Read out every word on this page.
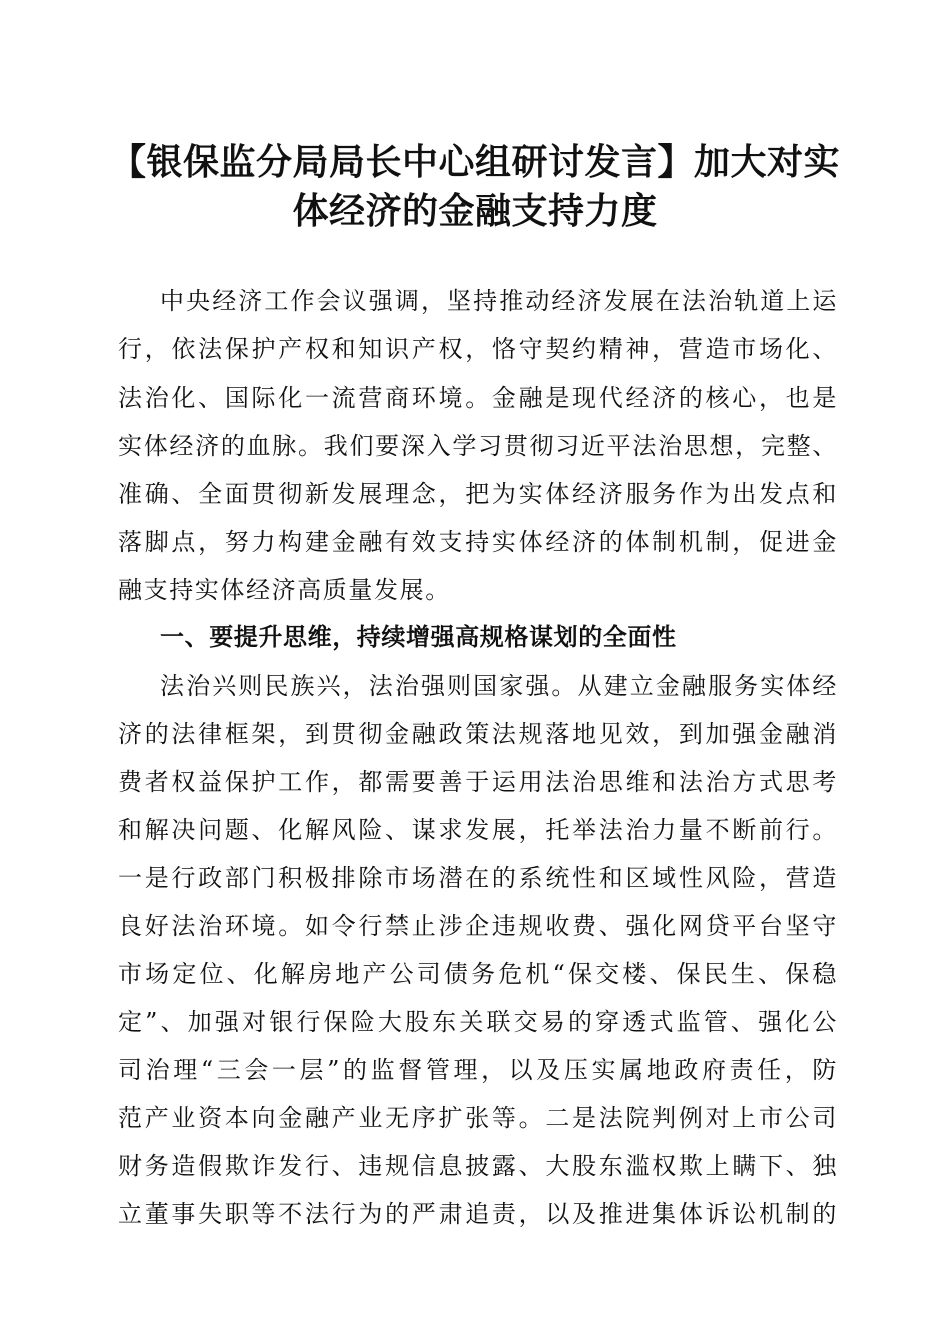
【银保监分局局长中心组研讨发言】加大对实
体经济的金融支持力度

中央经济工作会议强调，坚持推动经济发展在法治轨道上运

行，依法保护产权和知识产权，恪守契约精神，营造市场化、

法治化、国际化一流营商环境。金融是现代经济的核心，也是

实体经济的血脉。我们要深入学习贯彻习近平法治思想，完整、

准确、全面贯彻新发展理念，把为实体经济服务作为出发点和

落脚点，努力构建金融有效支持实体经济的体制机制，促进金

融支持实体经济高质量发展。

一、要提升思维，持续增强高规格谋划的全面性

法治兴则民族兴，法治强则国家强。从建立金融服务实体经

济的法律框架，到贯彻金融政策法规落地见效，到加强金融消

费者权益保护工作，都需要善于运用法治思维和法治方式思考

和解决问题、化解风险、谋求发展，托举法治力量不断前行。

一是行政部门积极排除市场潜在的系统性和区域性风险，营造

良好法治环境。如令行禁止涉企违规收费、强化网贷平台坚守

市场定位、化解房地产公司债务危机“保交楼、保民生、保稳

定”、加强对银行保险大股东关联交易的穿透式监管、强化公

司治理“三会一层”的监督管理，以及压实属地政府责任，防

范产业资本向金融产业无序扩张等。二是法院判例对上市公司

财务造假欺诈发行、违规信息披露、大股东滥权欺上瞒下、独

立董事失职等不法行为的严肃追责，以及推进集体诉讼机制的
